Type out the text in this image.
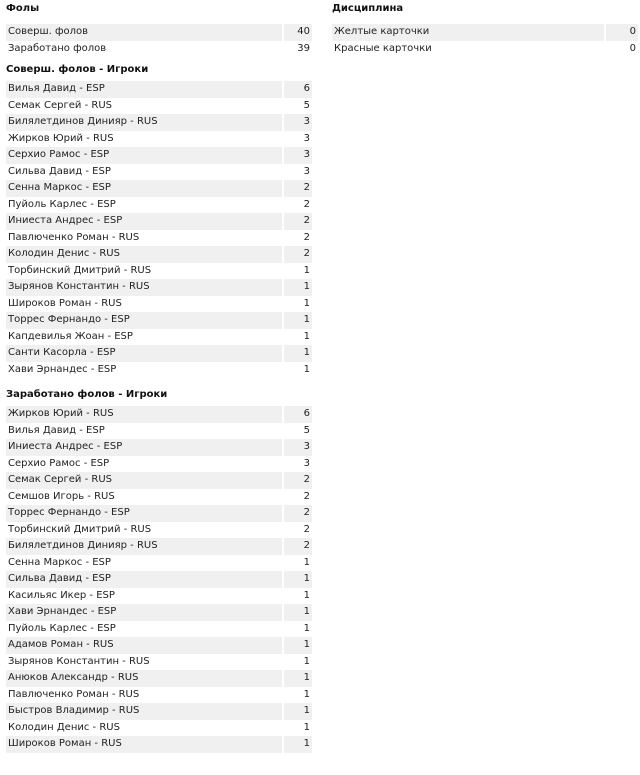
Фолы
Соверш. фолов	40
Заработано фолов	39
Соверш. фолов - Игроки
Вилья Давид - ESP	6
Семак Сергей - RUS	5
Билялетдинов Динияр - RUS	3
Жирков Юрий - RUS	3
Серхио Рамос - ESP	3
Сильва Давид - ESP	3
Сенна Маркос - ESP	2
Пуйоль Карлес - ESP	2
Иниеста Андрес - ESP	2
Павлюченко Роман - RUS	2
Колодин Денис - RUS	2
Торбинский Дмитрий - RUS	1
Зырянов Константин - RUS	1
Широков Роман - RUS	1
Торрес Фернандо - ESP	1
Капдевилья Жоан - ESP	1
Санти Касорла - ESP	1
Хави Эрнандес - ESP	1
Заработано фолов - Игроки
Жирков Юрий - RUS	6
Вилья Давид - ESP	5
Иниеста Андрес - ESP	3
Серхио Рамос - ESP	3
Семак Сергей - RUS	2
Семшов Игорь - RUS	2
Торрес Фернандо - ESP	2
Торбинский Дмитрий - RUS	2
Билялетдинов Динияр - RUS	2
Сенна Маркос - ESP	1
Сильва Давид - ESP	1
Касильяс Икер - ESP	1
Хави Эрнандес - ESP	1
Пуйоль Карлес - ESP	1
Адамов Роман - RUS	1
Зырянов Константин - RUS	1
Анюков Александр - RUS	1
Павлюченко Роман - RUS	1
Быстров Владимир - RUS	1
Колодин Денис - RUS	1
Широков Роман - RUS	1
Дисциплина
Желтые карточки	0
Красные карточки	0
